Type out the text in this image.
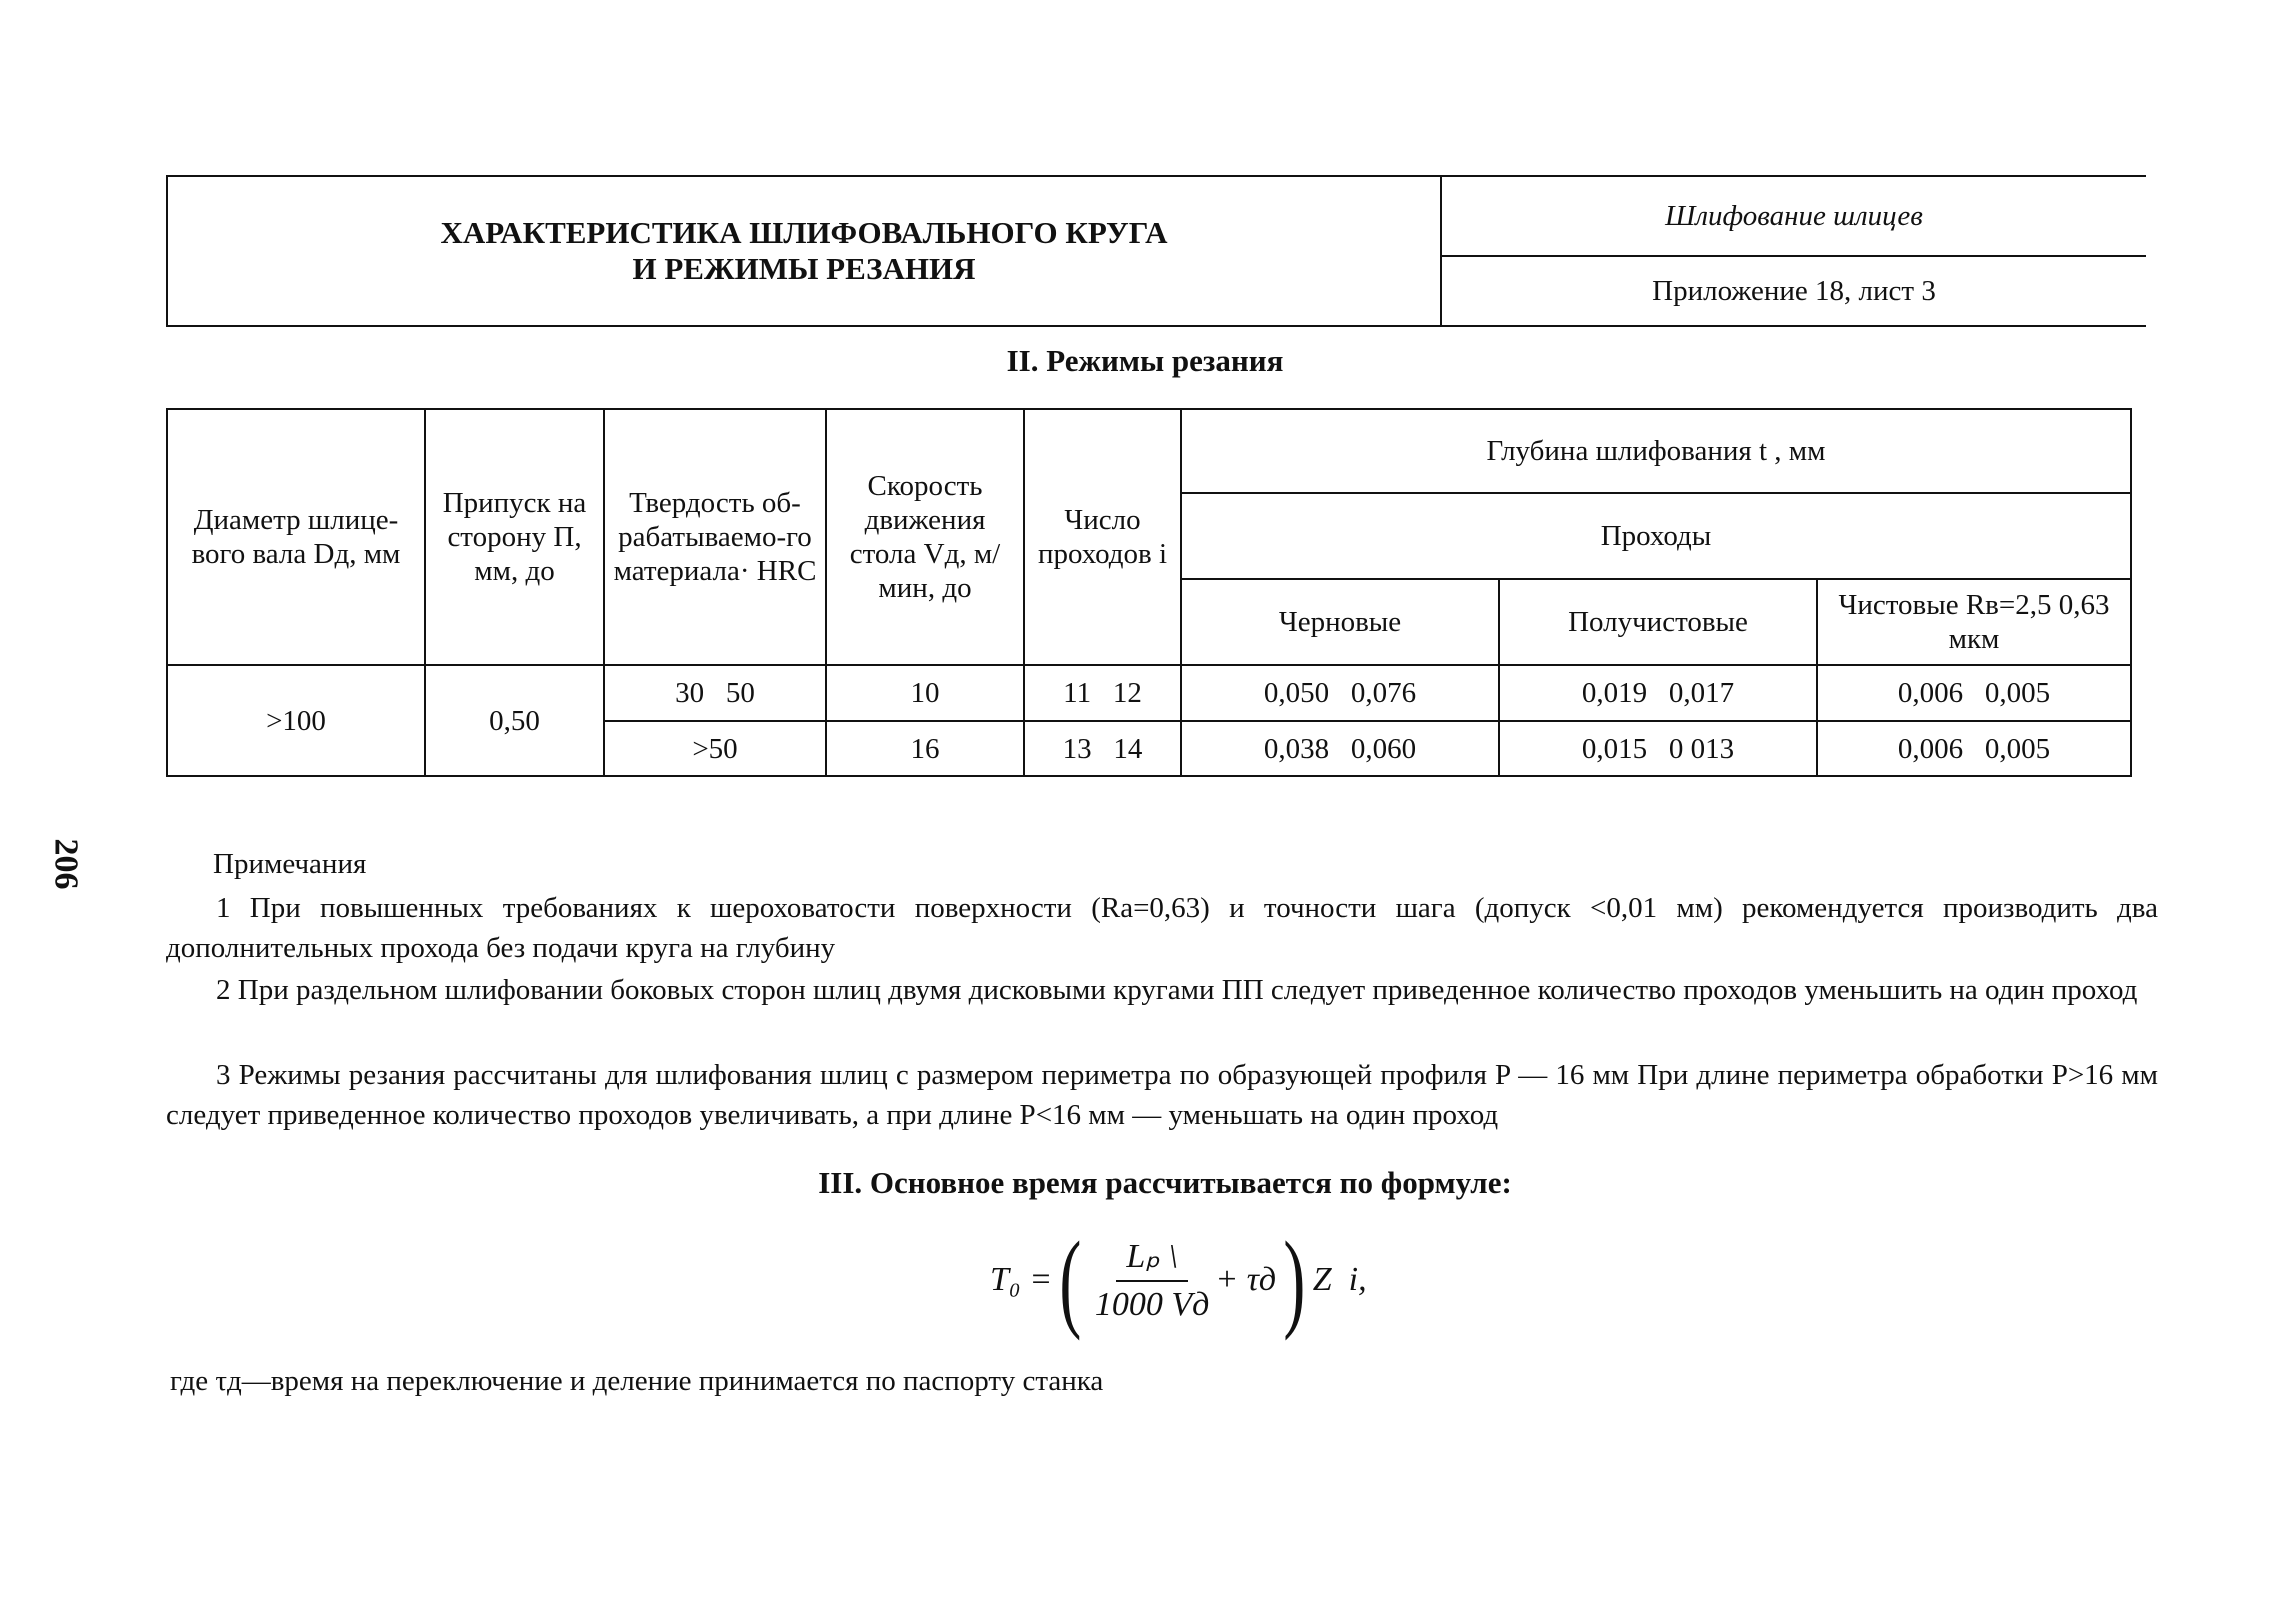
ХАРАКТЕРИСТИКА ШЛИФОВАЛЬНОГО КРУГА
И РЕЖИМЫ РЕЗАНИЯ
Шлифование шлицев
Приложение 18, лист 3
II. Режимы резания
Диаметр шлице-вого вала Dд, мм	Припуск на сторону П, мм, до	Твердость об-рабатываемо-го материала· HRC	Скорость движения стола Vд, м/мин, до	Число проходов i	Глубина шлифования t , мм		
					Проходы		
					Черновые	Получистовые	Чистовые Rв=2,5 0,63 мкм
>100	0,50	30   50	10	11   12	0,050   0,076	0,019   0,017	0,006   0,005
		>50	16	13   14	0,038   0,060	0,015   0 013	0,006   0,005
206	Примечания
1 При повышенных требованиях к шероховатости поверхности (Ra=0,63) и точности шага (допуск <0,01 мм) рекомендуется производить два дополнительных прохода без подачи круга на глубину
2 При раздельном шлифовании боковых сторон шлиц двумя дисковыми кругами ПП следует приведенное количество проходов уменьшить на один проход
3 Режимы резания рассчитаны для шлифования шлиц с размером периметра по образующей профиля P — 16 мм При длине периметра обработки P>16 мм следует приведенное количество проходов увеличивать, а при длине P<16 мм — уменьшать на один проход
III. Основное время рассчитывается по формуле:
T₀ = ( $\frac{\text{Lₚ \textbackslash{}}}{1000 Vд} + \tau д$ ) Z  i,
где τд—время на переключение и деление принимается по паспорту станка
